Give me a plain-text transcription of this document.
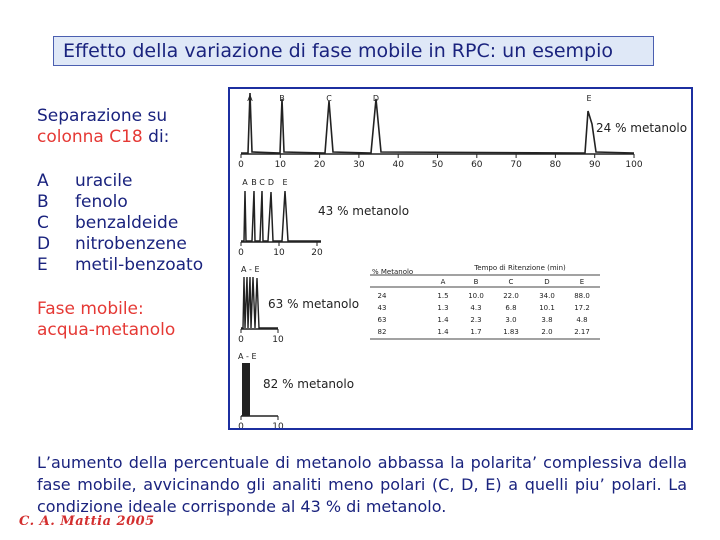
Effetto della variazione di fase mobile in RPC: un esempio
Separazione su
colonna C18 di:
A uracile
B fenolo
C benzaldeide
D nitrobenzene
E metil-benzoato
Fase mobile:
acqua-metanolo
0	10	20	30	40	50	60	70	80	90	100
A	B	C	D	E
24 % metanolo
0	10	20
A B C D E
43 % metanolo
0	10
A - E
63 % metanolo
0	10
A - E
82 % metanolo
% Metanolo	Tempo di Ritenzione (min)
A	B	C	D	E
24	1.5	10.0	22.0	34.0	88.0
43	1.3	4.3	6.8	10.1	17.2
63	1.4	2.3	3.0	3.8	4.8
82	1.4	1.7	1.83	2.0	2.17
L’aumento della percentuale di metanolo abbassa la polarita’ complessiva della fase mobile, avvicinando gli analiti meno polari (C, D, E) a quelli piu’ polari. La condizione ideale corrisponde al 43 % di metanolo.
C. A. Mattia 2005
